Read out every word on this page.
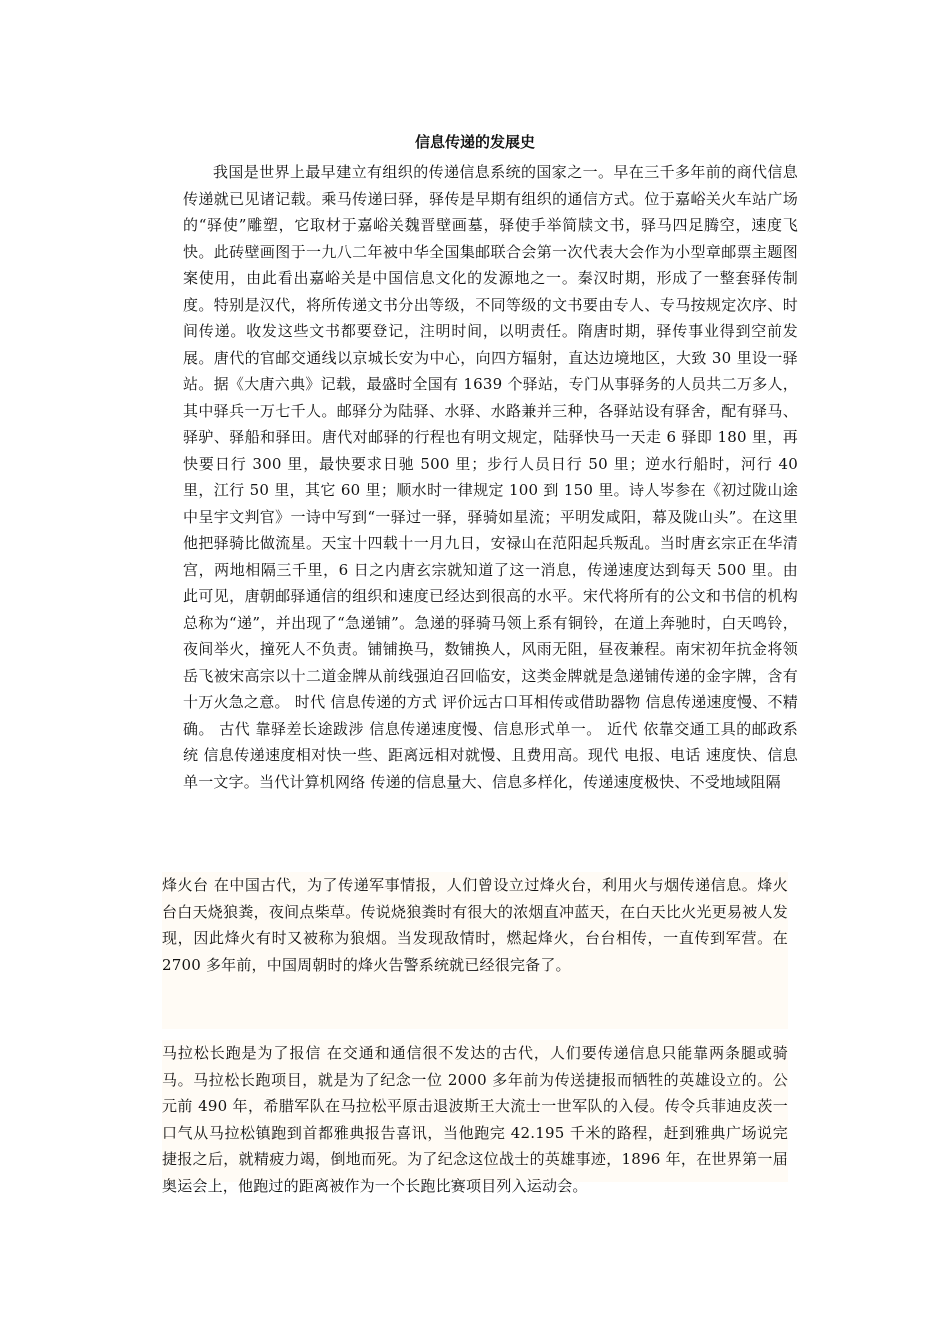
信息传递的发展史

我国是世界上最早建立有组织的传递信息系统的国家之一。早在三千多年前的商代信息传递就已见诸记载。乘马传递曰驿，驿传是早期有组织的通信方式。位于嘉峪关火车站广场的“驿使”雕塑，它取材于嘉峪关魏晋壁画墓，驿使手举简牍文书，驿马四足腾空，速度飞快。此砖壁画图于一九八二年被中华全国集邮联合会第一次代表大会作为小型章邮票主题图案使用，由此看出嘉峪关是中国信息文化的发源地之一。秦汉时期，形成了一整套驿传制度。特别是汉代，将所传递文书分出等级，不同等级的文书要由专人、专马按规定次序、时间传递。收发这些文书都要登记，注明时间，以明责任。隋唐时期，驿传事业得到空前发展。唐代的官邮交通线以京城长安为中心，向四方辐射，直达边境地区，大致 30 里设一驿站。据《大唐六典》记载，最盛时全国有 1639 个驿站，专门从事驿务的人员共二万多人，其中驿兵一万七千人。邮驿分为陆驿、水驿、水路兼并三种，各驿站设有驿舍，配有驿马、驿驴、驿船和驿田。唐代对邮驿的行程也有明文规定，陆驿快马一天走 6 驿即 180 里，再快要日行 300 里，最快要求日驰 500 里；步行人员日行 50 里；逆水行船时，河行 40 里，江行 50 里，其它 60 里；顺水时一律规定 100 到 150 里。诗人岑参在《初过陇山途中呈宇文判官》一诗中写到“一驿过一驿，驿骑如星流；平明发咸阳，幕及陇山头”。在这里他把驿骑比做流星。天宝十四载十一月九日，安禄山在范阳起兵叛乱。当时唐玄宗正在华清宫，两地相隔三千里，6 日之内唐玄宗就知道了这一消息，传递速度达到每天 500 里。由此可见，唐朝邮驿通信的组织和速度已经达到很高的水平。宋代将所有的公文和书信的机构总称为“递”，并出现了“急递铺”。急递的驿骑马领上系有铜铃，在道上奔驰时，白天鸣铃，夜间举火，撞死人不负责。铺铺换马，数铺换人，风雨无阻，昼夜兼程。南宋初年抗金将领岳飞被宋高宗以十二道金牌从前线强迫召回临安，这类金牌就是急递铺传递的金字牌，含有十万火急之意。 时代 信息传递的方式 评价远古口耳相传或借助器物 信息传递速度慢、不精确。 古代 靠驿差长途跋涉 信息传递速度慢、信息形式单一。 近代 依靠交通工具的邮政系统 信息传递速度相对快一些、距离远相对就慢、且费用高。现代 电报、电话 速度快、信息单一文字。当代计算机网络 传递的信息量大、信息多样化，传递速度极快、不受地域阻隔

烽火台 在中国古代，为了传递军事情报，人们曾设立过烽火台，利用火与烟传递信息。烽火台白天烧狼粪，夜间点柴草。传说烧狼粪时有很大的浓烟直冲蓝天，在白天比火光更易被人发现，因此烽火有时又被称为狼烟。当发现敌情时，燃起烽火，台台相传，一直传到军营。在 2700 多年前，中国周朝时的烽火告警系统就已经很完备了。

马拉松长跑是为了报信 在交通和通信很不发达的古代，人们要传递信息只能靠两条腿或骑马。马拉松长跑项目，就是为了纪念一位 2000 多年前为传送捷报而牺牲的英雄设立的。公元前 490 年，希腊军队在马拉松平原击退波斯王大流士一世军队的入侵。传令兵菲迪皮茨一口气从马拉松镇跑到首都雅典报告喜讯，当他跑完 42.195 千米的路程，赶到雅典广场说完捷报之后，就精疲力竭，倒地而死。为了纪念这位战士的英雄事迹，1896 年，在世界第一届奥运会上，他跑过的距离被作为一个长跑比赛项目列入运动会。
